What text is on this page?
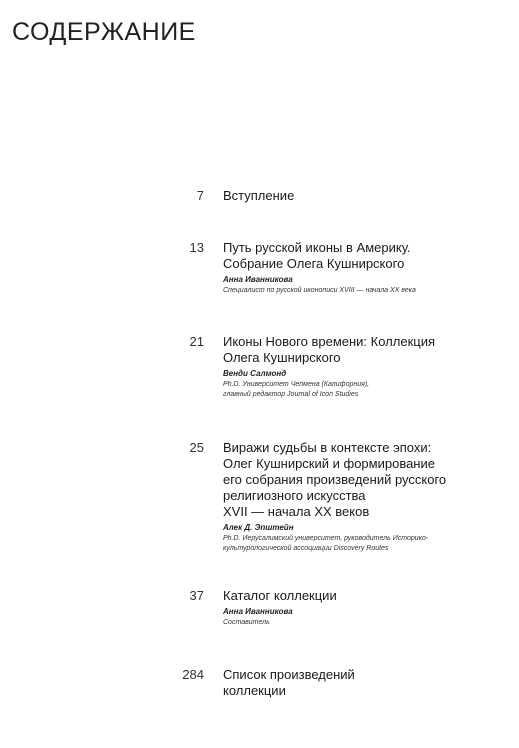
СОДЕРЖАНИЕ
7 Вступление
13 Путь русской иконы в Америку.
Собрание Олега Кушнирского
Анна Иванникова
Специалист по русской иконописи XVIII — начала XX века
21 Иконы Нового времени: Коллекция
Олега Кушнирского
Венди Салмонд
Ph.D. Университет Чепмена (Калифорния),
главный редактор Journal of Icon Studies
25 Виражи судьбы в контексте эпохи:
Олег Кушнирский и формирование
его собрания произведений русского
религиозного искусства
XVII — начала XX веков
Алек Д. Эпштейн
Ph.D. Иерусалимский университет, руководитель Историко-
культурологической ассоциации Discovery Routes
37 Каталог коллекции
Анна Иванникова
Составитель
284 Список произведений
коллекции
